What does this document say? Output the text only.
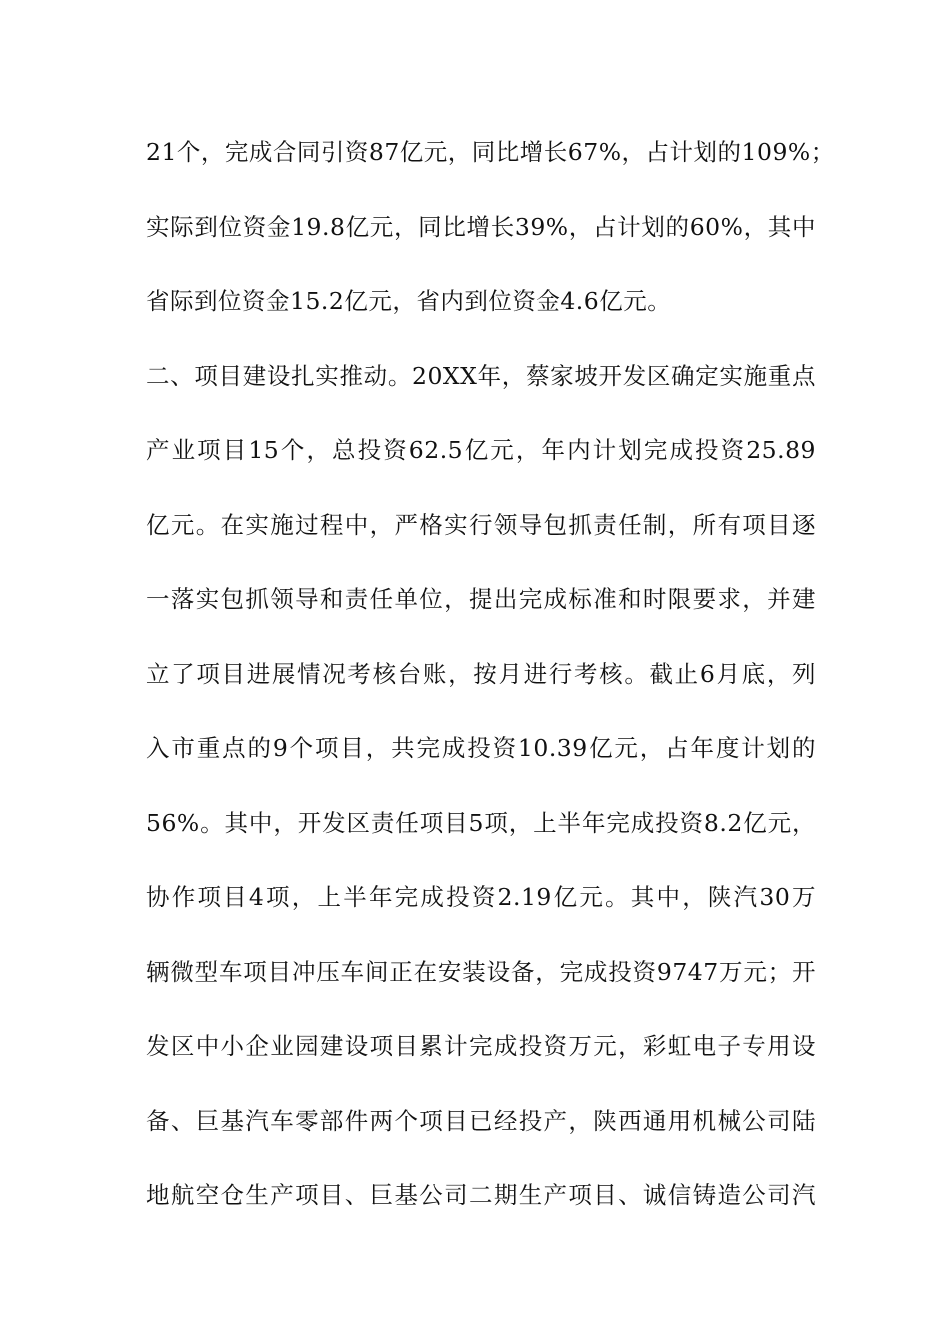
21个，完成合同引资87亿元，同比增长67%，占计划的109%；
实际到位资金19.8亿元，同比增长39%，占计划的60%，其中
省际到位资金15.2亿元，省内到位资金4.6亿元。
二、项目建设扎实推动。20XX年，蔡家坡开发区确定实施重点
产业项目15个，总投资62.5亿元，年内计划完成投资25.89
亿元。在实施过程中，严格实行领导包抓责任制，所有项目逐
一落实包抓领导和责任单位，提出完成标准和时限要求，并建
立了项目进展情况考核台账，按月进行考核。截止6月底，列
入市重点的9个项目，共完成投资10.39亿元，占年度计划的
56%。其中，开发区责任项目5项，上半年完成投资8.2亿元，
协作项目4项，上半年完成投资2.19亿元。其中，陕汽30万
辆微型车项目冲压车间正在安装设备，完成投资9747万元；开
发区中小企业园建设项目累计完成投资万元，彩虹电子专用设
备、巨基汽车零部件两个项目已经投产，陕西通用机械公司陆
地航空仓生产项目、巨基公司二期生产项目、诚信铸造公司汽
